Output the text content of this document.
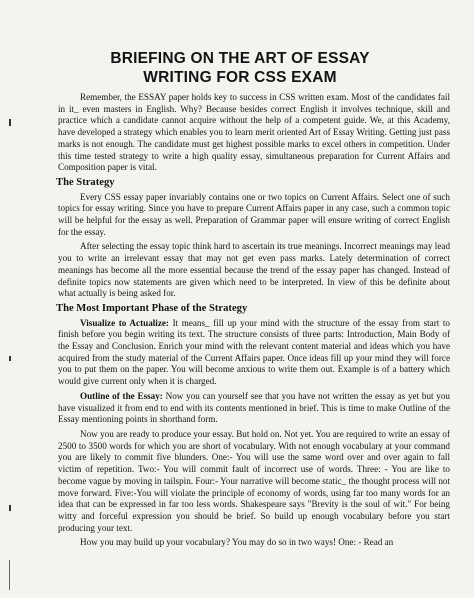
BRIEFING ON THE ART OF ESSAY
WRITING FOR CSS EXAM

Remember, the ESSAY paper holds key to success in CSS written exam. Most of the candidates fail in it_ even masters in English. Why? Because besides correct English it involves technique, skill and practice which a candidate cannot acquire without the help of a competent guide. We, at this Academy, have developed a strategy which enables you to learn merit oriented Art of Essay Writing. Getting just pass marks is not enough. The candidate must get highest possible marks to excel others in competition. Under this time tested strategy to write a high quality essay, simultaneous preparation for Current Affairs and Composition paper is vital.

The Strategy

Every CSS essay paper invariably contains one or two topics on Current Affairs. Select one of such topics for essay writing. Since you have to prepare Current Affairs paper in any case, such a common topic will be helpful for the essay as well. Preparation of Grammar paper will ensure writing of correct English for the essay.

After selecting the essay topic think hard to ascertain its true meanings. Incorrect meanings may lead you to write an irrelevant essay that may not get even pass marks. Lately determination of correct meanings has become all the more essential because the trend of the essay paper has changed. Instead of definite topics now statements are given which need to be interpreted. In view of this be definite about what actually is being asked for.

The Most Important Phase of the Strategy

Visualize to Actualize: It means_ fill up your mind with the structure of the essay from start to finish before you begin writing its text. The structure consists of three parts: Introduction, Main Body of the Essay and Conclusion. Enrich your mind with the relevant content material and ideas which you have acquired from the study material of the Current Affairs paper. Once ideas fill up your mind they will force you to put them on the paper. You will become anxious to write them out. Example is of a battery which would give current only when it is charged.

Outline of the Essay: Now you can yourself see that you have not written the essay as yet but you have visualized it from end to end with its contents mentioned in brief. This is time to make Outline of the Essay mentioning points in shorthand form.

Now you are ready to produce your essay. But hold on. Not yet. You are required to write an essay of 2500 to 3500 words for which you are short of vocabulary. With not enough vocabulary at your command you are likely to commit five blunders. One:- You will use the same word over and over again to fall victim of repetition. Two:- You will commit fault of incorrect use of words. Three: - You are like to become vague by moving in tailspin. Four:- Your narrative will become static_ the thought process will not move forward. Five:-You will violate the principle of economy of words, using far too many words for an idea that can be expressed in far too less words. Shakespeare says "Brevity is the soul of wit." For being witty and forceful expression you should be brief. So build up enough vocabulary before you start producing your text.

How you may build up your vocabulary? You may do so in two ways! One: - Read an
